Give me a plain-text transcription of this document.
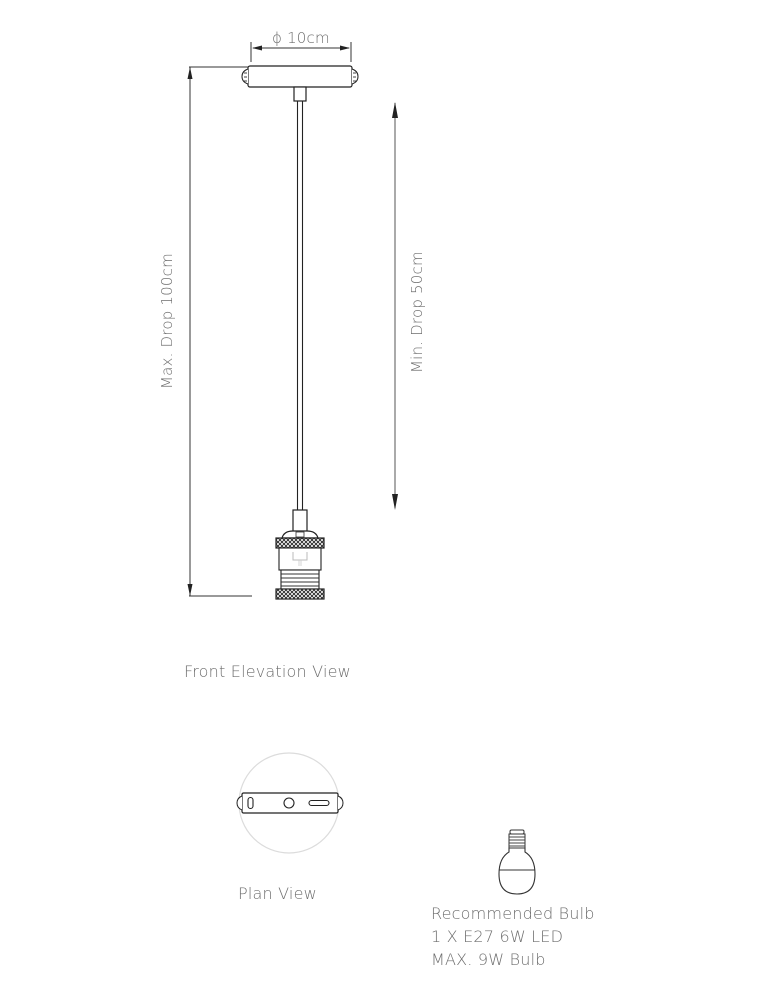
ϕ 10cm
Max. Drop 100cm	Min. Drop 50cm
Front Elevation View
Plan View
Recommended Bulb
1 X E27 6W LED
MAX. 9W Bulb
